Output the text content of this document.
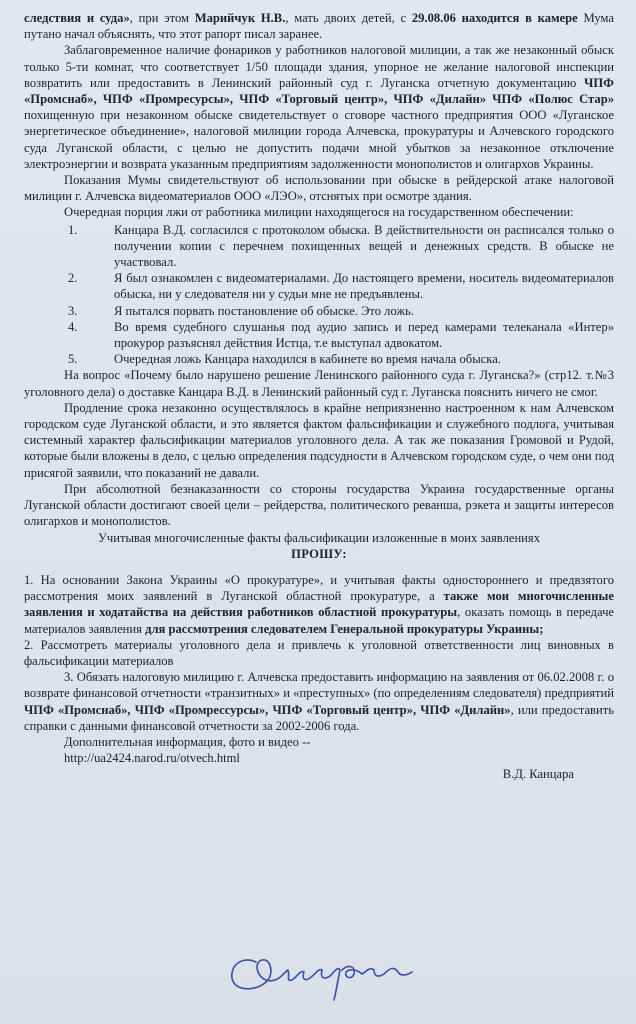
следствия и суда», при этом Марийчук Н.В., мать двоих детей, с 29.08.06 находится в камере Мума путано начал объяснять, что этот рапорт писал заранее.

Заблаговременное наличие фонариков у работников налоговой милиции, а так же незаконный обыск только 5-ти комнат, что соответствует 1/50 площади здания, упорное не желание налоговой инспекции возвратить или предоставить в Ленинский районный суд г. Луганска отчетную документацию ЧПФ «Промснаб», ЧПФ «Промресурсы», ЧПФ «Торговый центр», ЧПФ «Дилайн» ЧПФ «Полюс Стар» похищенную при незаконном обыске свидетельствует о сговоре частного предприятия ООО «Луганское энергетическое объединение», налоговой милиции города Алчевска, прокуратуры и Алчевского городского суда Луганской области, с целью не допустить подачи мной убытков за незаконное отключение электроэнергии и возврата указанным предприятиям задолженности монополистов и олигархов Украины.

Показания Мумы свидетельствуют об использовании при обыске в рейдерской атаке налоговой милиции г. Алчевска видеоматериалов ООО «ЛЭО», отснятых при осмотре здания.

Очередная порция лжи от работника милиции находящегося на государственном обеспечении:

1.	Канцара В.Д. согласился с протоколом обыска. В действительности он расписался только о получении копии с перечнем похищенных вещей и денежных средств. В обыске не участвовал.
2.	Я был ознакомлен с видеоматериалами. До настоящего времени, носитель видеоматериалов обыска, ни у следователя ни у судьи мне не предъявлены.
3.	Я пытался порвать постановление об обыске. Это ложь.
4.	Во время судебного слушанья под аудио запись и перед камерами телеканала «Интер» прокурор разъяснял действия Истца, т.е выступал адвокатом.
5.	Очередная ложь Канцара находился в кабинете во время начала обыска.

На вопрос «Почему было нарушено решение Ленинского районного суда г. Луганска?» (стр12. т.№3 уголовного дела) о доставке Канцара В.Д. в Ленинский районный суд г. Луганска пояснить ничего не смог.

Продление срока незаконно осуществлялось в крайне неприязненно настроенном к нам Алчевском городском суде Луганской области, и это является фактом фальсификации и служебного подлога, учитывая системный характер фальсификации материалов уголовного дела. А так же показания Громовой и Рудой, которые были вложены в дело, с целью определения подсудности в Алчевском городском суде, о чем они под присягой заявили, что показаний не давали.

При абсолютной безнаказанности со стороны государства Украина государственные органы Луганской области достигают своей цели – рейдерства, политического реванша, рэкета и защиты интересов олигархов и монополистов.

Учитывая многочисленные факты фальсификации изложенные в моих заявлениях

ПРОШУ:

1. На основании Закона Украины «О прокуратуре», и учитывая факты одностороннего и предвзятого рассмотрения моих заявлений в Луганской областной прокуратуре, а также мои многочисленные заявления и ходатайства на действия работников областной прокуратуры, оказать помощь в передаче материалов заявления для рассмотрения следователем Генеральной прокуратуры Украины;

2. Рассмотреть материалы уголовного дела и привлечь к уголовной ответственности лиц виновных в фальсификации материалов

3. Обязать налоговую милицию г. Алчевска предоставить информацию на заявления от 06.02.2008 г. о возврате финансовой отчетности «транзитных» и «преступных» (по определениям следователя) предприятий ЧПФ «Промснаб», ЧПФ «Промрессурсы», ЧПФ «Торговый центр», ЧПФ «Дилайн», или предоставить справки с данными финансовой отчетности за 2002-2006 года.

Дополнительная информация, фото и видео --

http://ua2424.narod.ru/otvech.html

В.Д. Канцара
